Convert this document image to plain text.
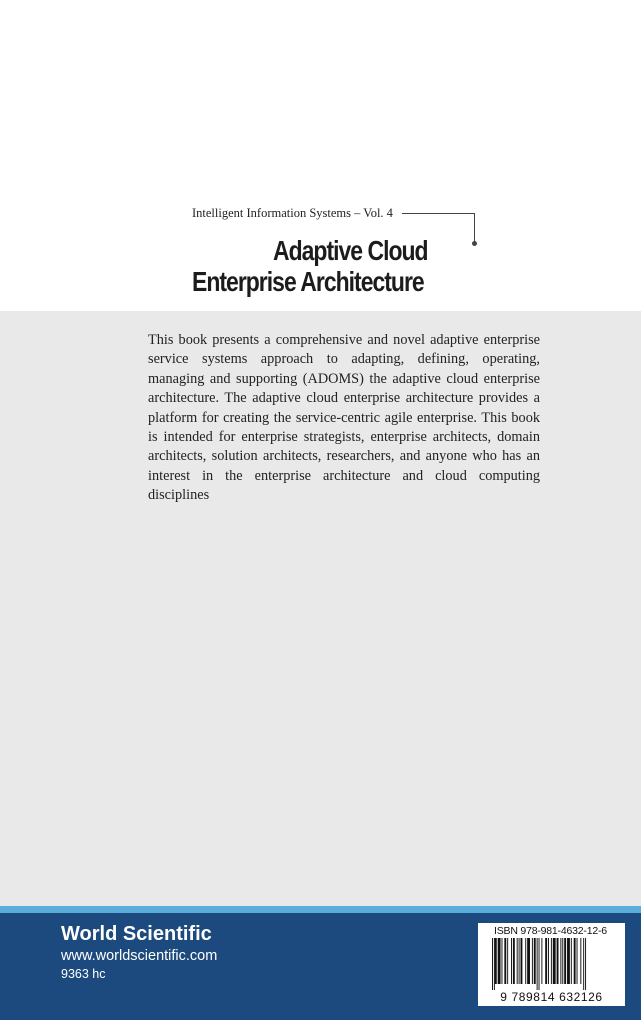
Intelligent Information Systems – Vol. 4
Adaptive Cloud
Enterprise Architecture

This book presents a comprehensive and novel adaptive enterprise service systems approach to adapting, defining, operating, managing and supporting (ADOMS) the adaptive cloud enterprise architecture. The adaptive cloud enterprise architecture provides a platform for creating the service-centric agile enterprise. This book is intended for enterprise strategists, enterprise architects, domain architects, solution architects, researchers, and anyone who has an interest in the enterprise architecture and cloud computing disciplines

World Scientific
www.worldscientific.com
9363 hc
ISBN 978-981-4632-12-6
9 789814 632126
